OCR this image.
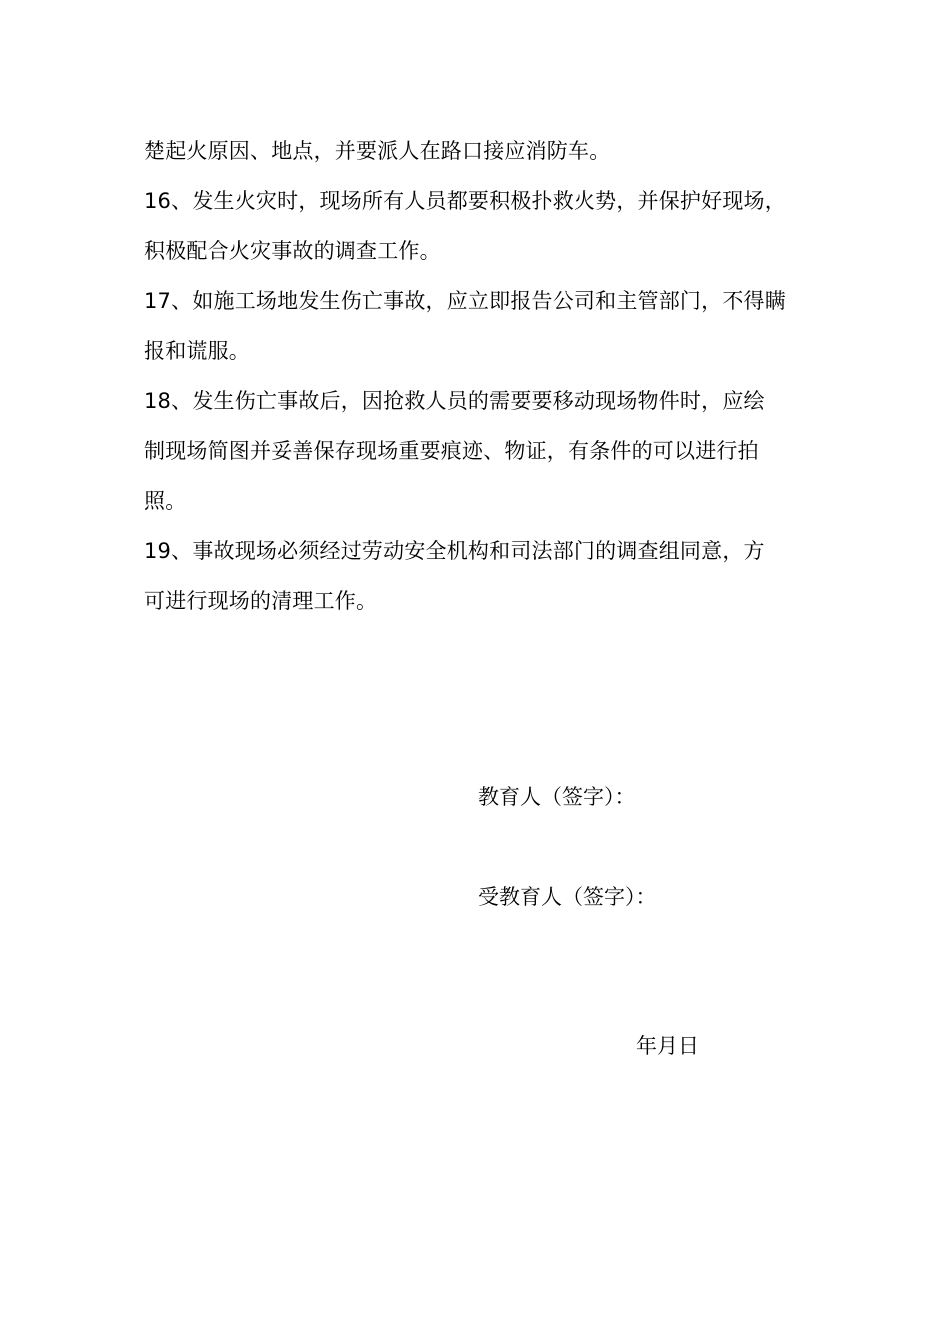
楚起火原因、地点，并要派人在路口接应消防车。
16、发生火灾时，现场所有人员都要积极扑救火势，并保护好现场，
积极配合火灾事故的调查工作。
17、如施工场地发生伤亡事故，应立即报告公司和主管部门，不得瞒
报和谎服。
18、发生伤亡事故后，因抢救人员的需要要移动现场物件时，应绘
制现场简图并妥善保存现场重要痕迹、物证，有条件的可以进行拍
照。
19、事故现场必须经过劳动安全机构和司法部门的调查组同意，方
可进行现场的清理工作。
教育人（签字）：
受教育人（签字）：
年月日
